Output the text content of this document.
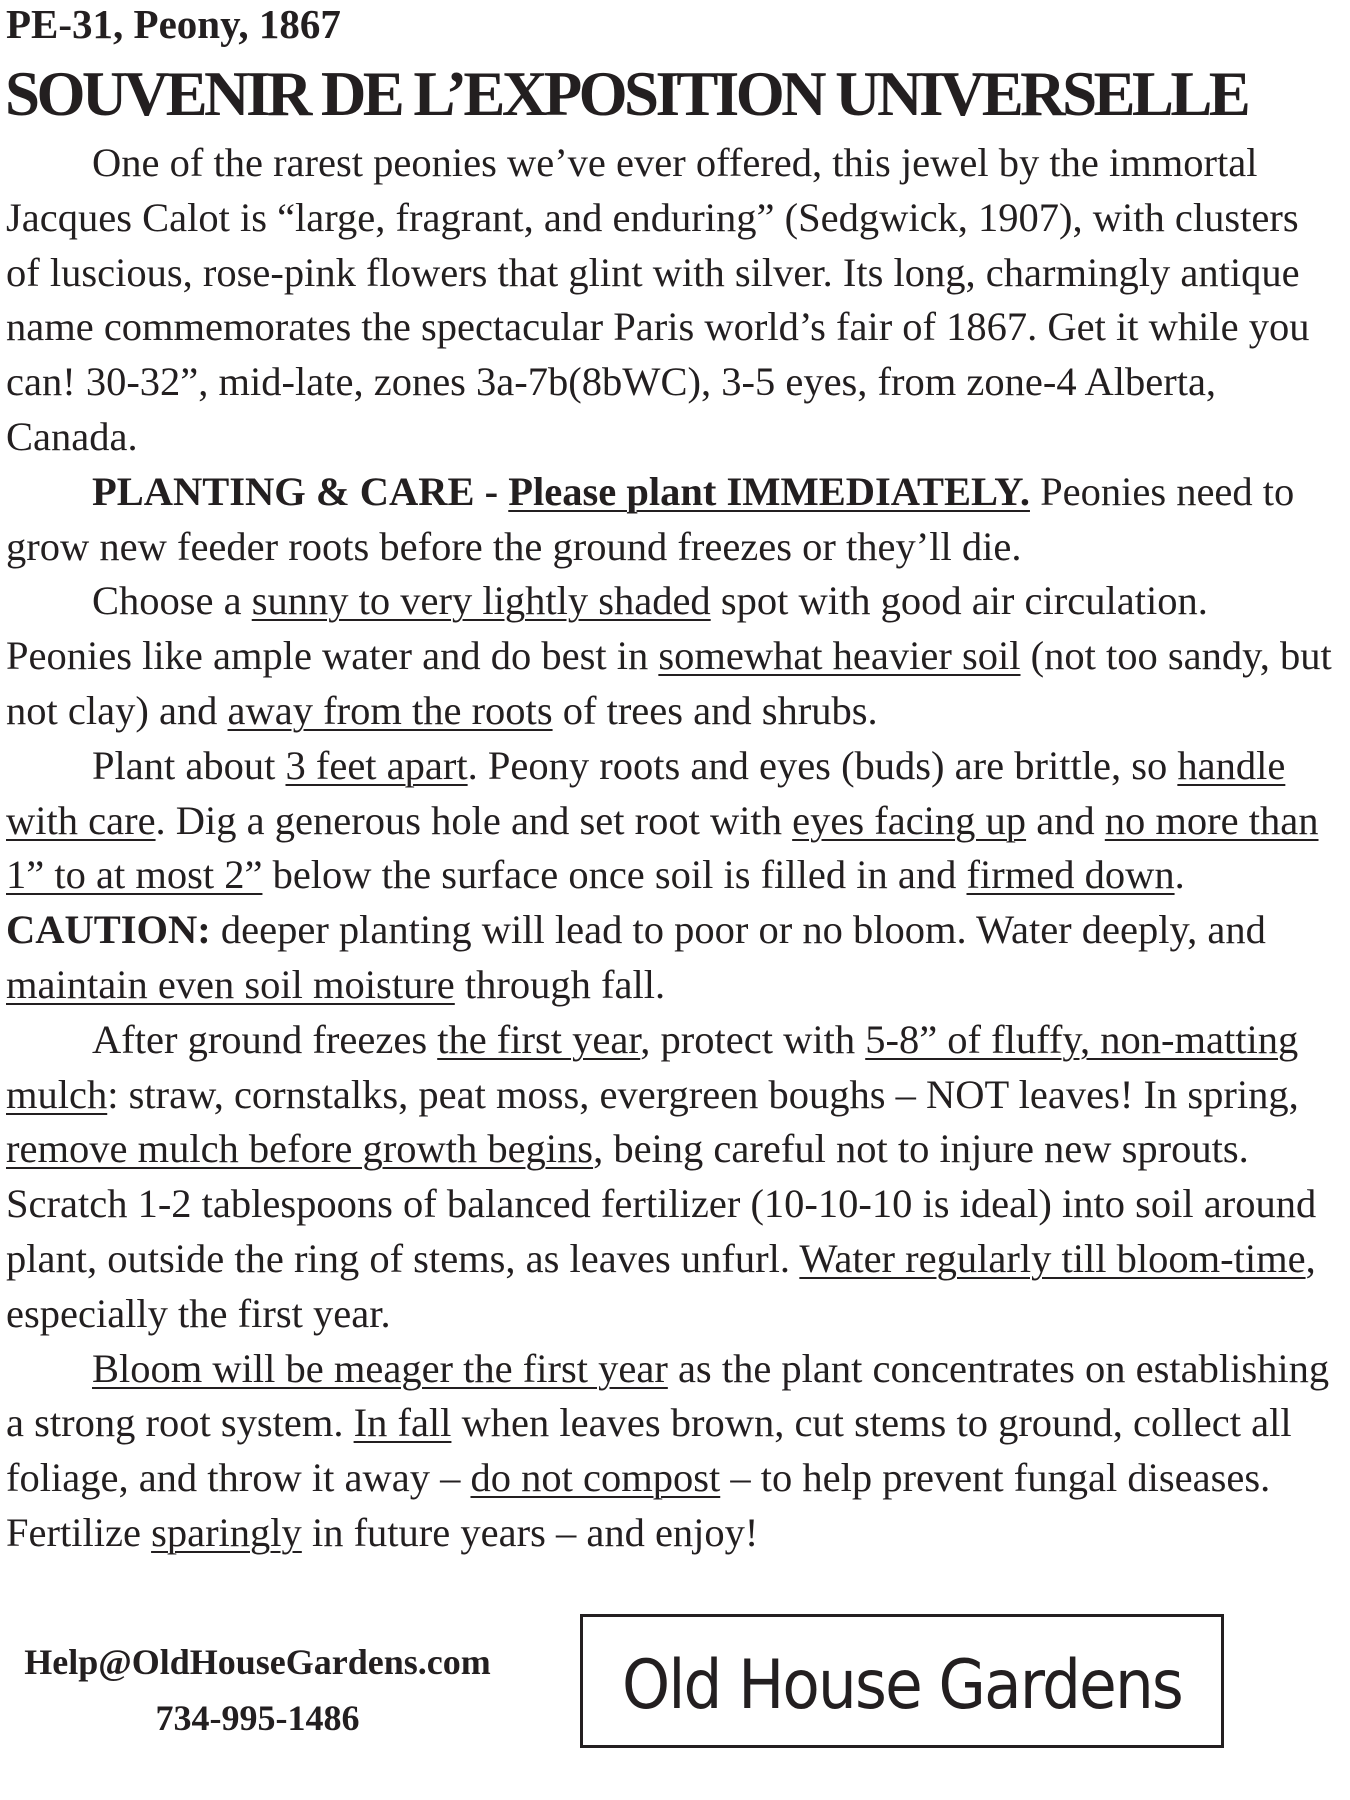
PE-31, Peony, 1867
SOUVENIR DE L’EXPOSITION UNIVERSELLE

One of the rarest peonies we’ve ever offered, this jewel by the immortal Jacques Calot is “large, fragrant, and enduring” (Sedgwick, 1907), with clusters of luscious, rose-pink flowers that glint with silver. Its long, charmingly antique name commemorates the spectacular Paris world’s fair of 1867. Get it while you can! 30-32”, mid-late, zones 3a-7b(8bWC), 3-5 eyes, from zone-4 Alberta, Canada.

PLANTING & CARE - Please plant IMMEDIATELY. Peonies need to grow new feeder roots before the ground freezes or they’ll die.

Choose a sunny to very lightly shaded spot with good air circulation. Peonies like ample water and do best in somewhat heavier soil (not too sandy, but not clay) and away from the roots of trees and shrubs.

Plant about 3 feet apart. Peony roots and eyes (buds) are brittle, so handle with care. Dig a generous hole and set root with eyes facing up and no more than 1” to at most 2” below the surface once soil is filled in and firmed down. CAUTION: deeper planting will lead to poor or no bloom. Water deeply, and maintain even soil moisture through fall.

After ground freezes the first year, protect with 5-8” of fluffy, non-matting mulch: straw, cornstalks, peat moss, evergreen boughs – NOT leaves! In spring, remove mulch before growth begins, being careful not to injure new sprouts. Scratch 1-2 tablespoons of balanced fertilizer (10-10-10 is ideal) into soil around plant, outside the ring of stems, as leaves unfurl. Water regularly till bloom-time, especially the first year.

Bloom will be meager the first year as the plant concentrates on establishing a strong root system. In fall when leaves brown, cut stems to ground, collect all foliage, and throw it away – do not compost – to help prevent fungal diseases. Fertilize sparingly in future years – and enjoy!

Help@OldHouseGardens.com
734-995-1486	Old House Gardens
